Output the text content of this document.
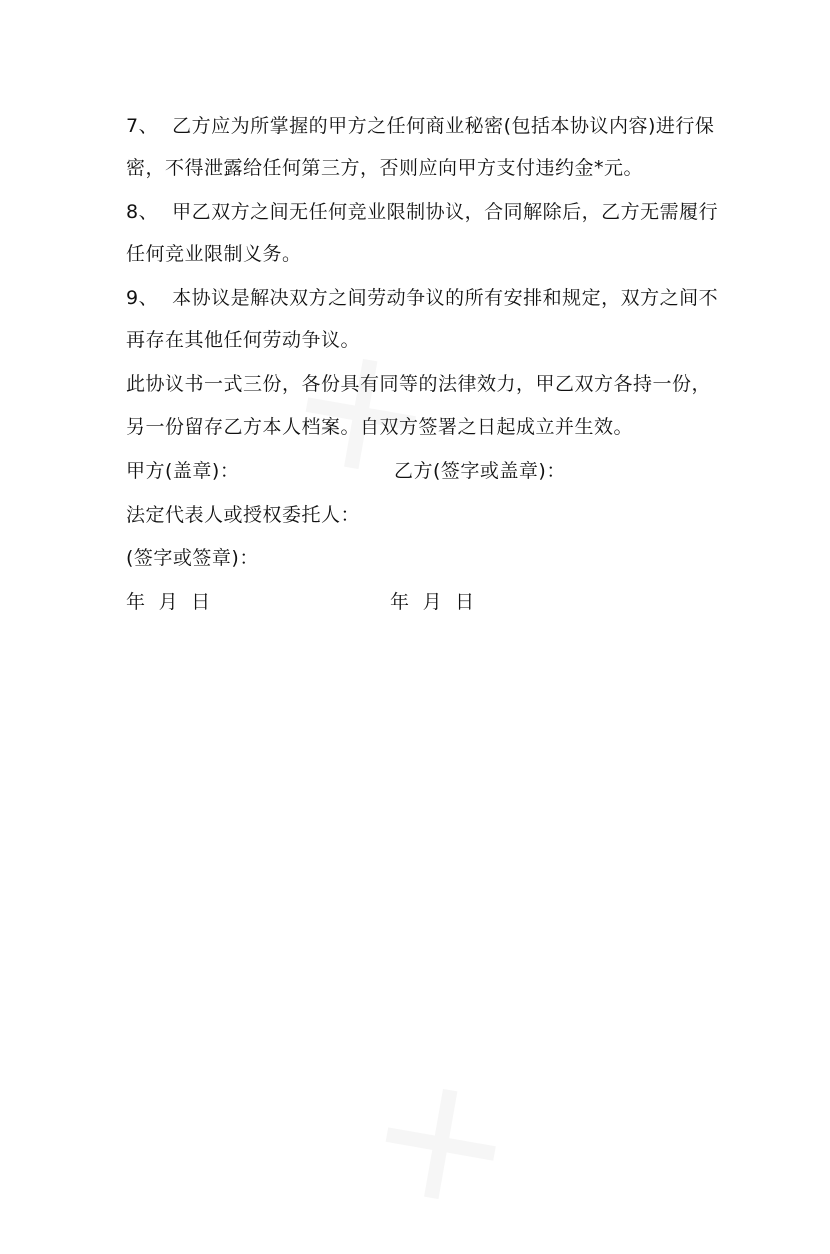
7、 乙方应为所掌握的甲方之任何商业秘密(包括本协议内容)进行保
密，不得泄露给任何第三方，否则应向甲方支付违约金*元。
8、 甲乙双方之间无任何竞业限制协议，合同解除后，乙方无需履行
任何竞业限制义务。
9、 本协议是解决双方之间劳动争议的所有安排和规定，双方之间不
再存在其他任何劳动争议。
此协议书一式三份，各份具有同等的法律效力，甲乙双方各持一份，
另一份留存乙方本人档案。自双方签署之日起成立并生效。
甲方(盖章)：	乙方(签字或盖章)：
法定代表人或授权委托人：
(签字或签章)：
年  月  日	年  月  日
